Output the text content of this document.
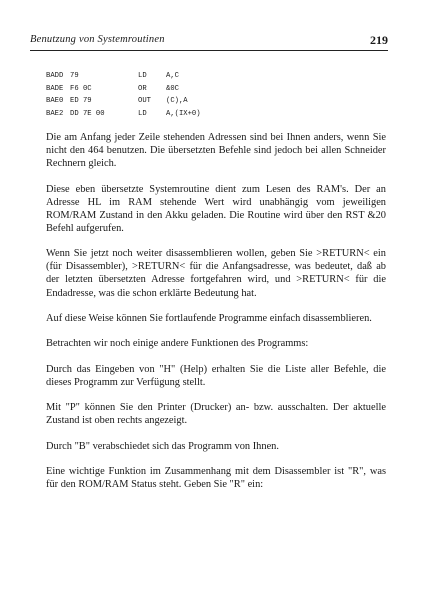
Benutzung von Systemroutinen	219
BADD 79	LD	A,C
BADE F6 0C	OR	&0C
BAE0 ED 79	OUT (C),A
BAE2 DD 7E 00	LD	A,(IX+0)

Die am Anfang jeder Zeile stehenden Adressen sind bei Ihnen anders, wenn Sie nicht den 464 benutzen. Die übersetzten Befehle sind jedoch bei allen Schneider Rechnern gleich.

Diese eben übersetzte Systemroutine dient zum Lesen des RAM's. Der an Adresse HL im RAM stehende Wert wird unabhängig vom jeweiligen ROM/RAM Zustand in den Akku geladen. Die Routine wird über den RST &20 Befehl aufgerufen.

Wenn Sie jetzt noch weiter disassemblieren wollen, geben Sie >RETURN< ein (für Disassembler), >RETURN< für die Anfangsadresse, was bedeutet, daß ab der letzten übersetzten Adresse fortgefahren wird, und >RETURN< für die Endadresse, was die schon erklärte Bedeutung hat.

Auf diese Weise können Sie fortlaufende Programme einfach disassemblieren.

Betrachten wir noch einige andere Funktionen des Programms:

Durch das Eingeben von "H" (Help) erhalten Sie die Liste aller Befehle, die dieses Programm zur Verfügung stellt.

Mit "P" können Sie den Printer (Drucker) an- bzw. ausschalten. Der aktuelle Zustand ist oben rechts angezeigt.

Durch "B" verabschiedet sich das Programm von Ihnen.

Eine wichtige Funktion im Zusammenhang mit dem Disassembler ist "R", was für den ROM/RAM Status steht. Geben Sie "R" ein:
